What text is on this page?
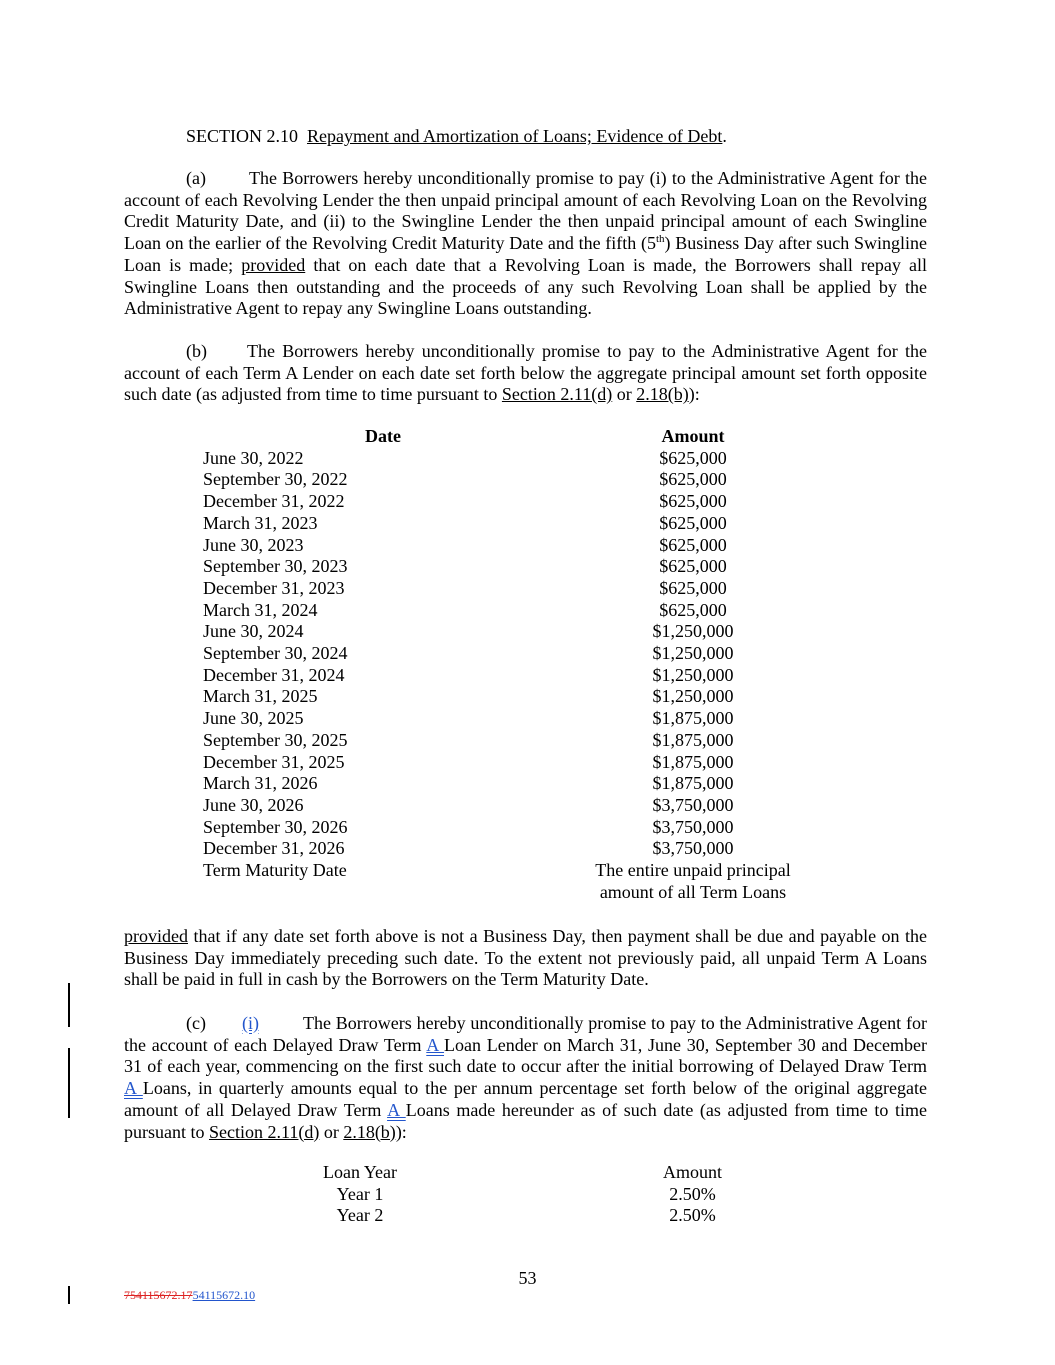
SECTION 2.10 Repayment and Amortization of Loans; Evidence of Debt.

(a) The Borrowers hereby unconditionally promise to pay (i) to the Administrative Agent for the account of each Revolving Lender the then unpaid principal amount of each Revolving Loan on the Revolving Credit Maturity Date, and (ii) to the Swingline Lender the then unpaid principal amount of each Swingline Loan on the earlier of the Revolving Credit Maturity Date and the fifth (5th) Business Day after such Swingline Loan is made; provided that on each date that a Revolving Loan is made, the Borrowers shall repay all Swingline Loans then outstanding and the proceeds of any such Revolving Loan shall be applied by the Administrative Agent to repay any Swingline Loans outstanding.

(b) The Borrowers hereby unconditionally promise to pay to the Administrative Agent for the account of each Term A Lender on each date set forth below the aggregate principal amount set forth opposite such date (as adjusted from time to time pursuant to Section 2.11(d) or 2.18(b)):

Date	Amount
June 30, 2022	$625,000
September 30, 2022	$625,000
December 31, 2022	$625,000
March 31, 2023	$625,000
June 30, 2023	$625,000
September 30, 2023	$625,000
December 31, 2023	$625,000
March 31, 2024	$625,000
June 30, 2024	$1,250,000
September 30, 2024	$1,250,000
December 31, 2024	$1,250,000
March 31, 2025	$1,250,000
June 30, 2025	$1,875,000
September 30, 2025	$1,875,000
December 31, 2025	$1,875,000
March 31, 2026	$1,875,000
June 30, 2026	$3,750,000
September 30, 2026	$3,750,000
December 31, 2026	$3,750,000
Term Maturity Date	The entire unpaid principal
amount of all Term Loans

provided that if any date set forth above is not a Business Day, then payment shall be due and payable on the Business Day immediately preceding such date. To the extent not previously paid, all unpaid Term A Loans shall be paid in full in cash by the Borrowers on the Term Maturity Date.

(c) (i) The Borrowers hereby unconditionally promise to pay to the Administrative Agent for the account of each Delayed Draw Term A Loan Lender on March 31, June 30, September 30 and December 31 of each year, commencing on the first such date to occur after the initial borrowing of Delayed Draw Term A Loans, in quarterly amounts equal to the per annum percentage set forth below of the original aggregate amount of all Delayed Draw Term A Loans made hereunder as of such date (as adjusted from time to time pursuant to Section 2.11(d) or 2.18(b)):

Loan Year	Amount
Year 1	2.50%
Year 2	2.50%
53
754115672.1754115672.10
